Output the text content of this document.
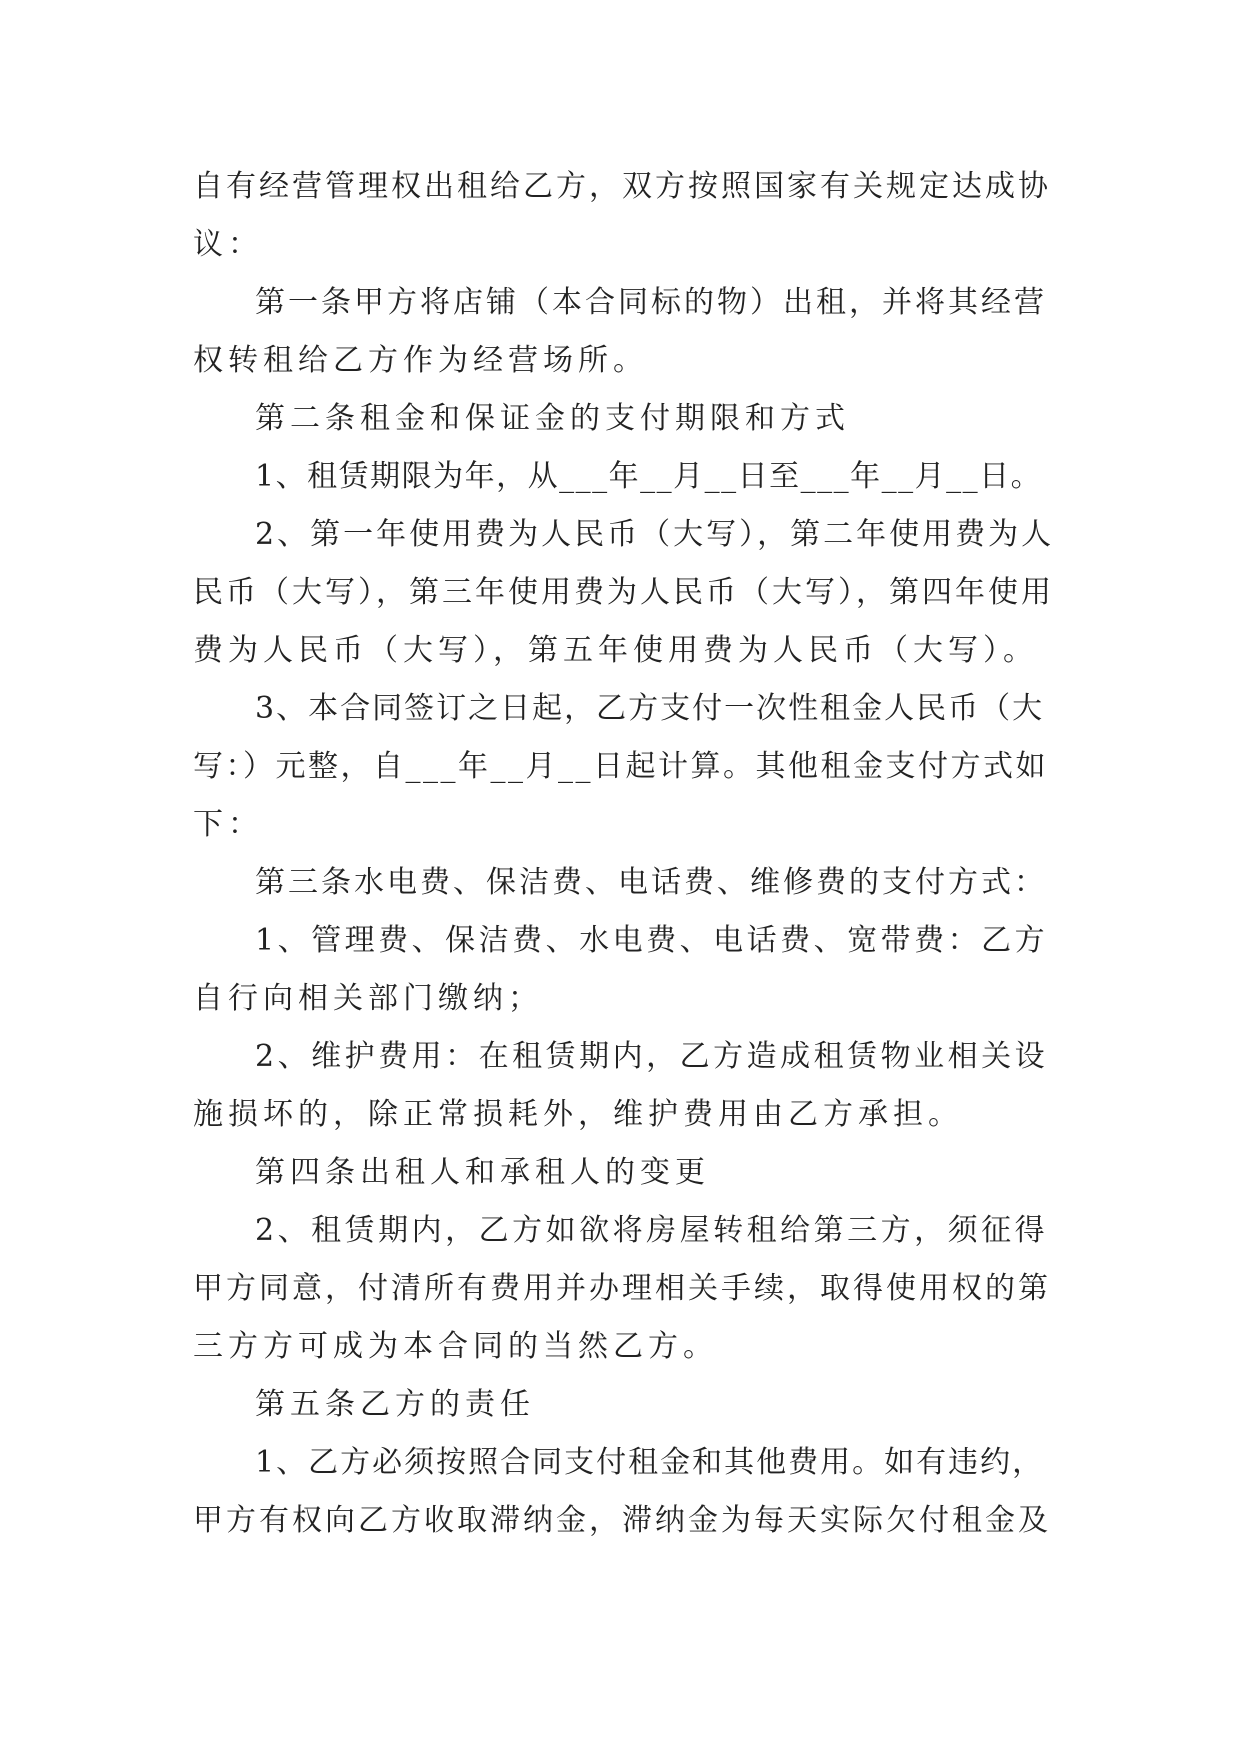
自有经营管理权出租给乙方，双方按照国家有关规定达成协
议：
第一条甲方将店铺（本合同标的物）出租，并将其经营
权转租给乙方作为经营场所。
第二条租金和保证金的支付期限和方式
1、租赁期限为年，从___年__月__日至___年__月__日。
2、第一年使用费为人民币（大写），第二年使用费为人
民币（大写），第三年使用费为人民币（大写），第四年使用
费为人民币（大写），第五年使用费为人民币（大写）。
3、本合同签订之日起，乙方支付一次性租金人民币（大
写：）元整，自___年__月__日起计算。其他租金支付方式如
下：
第三条水电费、保洁费、电话费、维修费的支付方式：
1、管理费、保洁费、水电费、电话费、宽带费：乙方
自行向相关部门缴纳；
2、维护费用：在租赁期内，乙方造成租赁物业相关设
施损坏的，除正常损耗外，维护费用由乙方承担。
第四条出租人和承租人的变更
2、租赁期内，乙方如欲将房屋转租给第三方，须征得
甲方同意，付清所有费用并办理相关手续，取得使用权的第
三方方可成为本合同的当然乙方。
第五条乙方的责任
1、乙方必须按照合同支付租金和其他费用。如有违约，
甲方有权向乙方收取滞纳金，滞纳金为每天实际欠付租金及
